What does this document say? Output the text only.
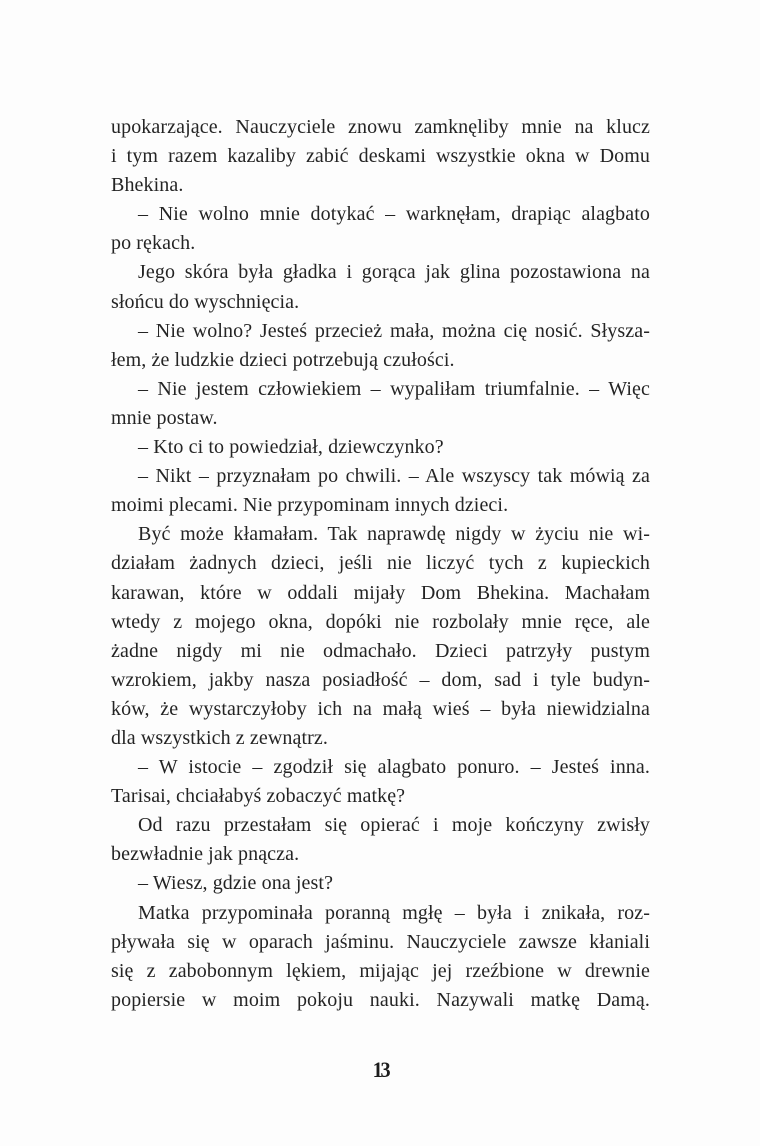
upokarzające. Nauczyciele znowu zamknęliby mnie na klucz
i tym razem kazaliby zabić deskami wszystkie okna w Domu
Bhekina.
– Nie wolno mnie dotykać – warknęłam, drapiąc alagbato
po rękach.
Jego skóra była gładka i gorąca jak glina pozostawiona na
słońcu do wyschnięcia.
– Nie wolno? Jesteś przecież mała, można cię nosić. Słysza-
łem, że ludzkie dzieci potrzebują czułości.
– Nie jestem człowiekiem – wypaliłam triumfalnie. – Więc
mnie postaw.
– Kto ci to powiedział, dziewczynko?
– Nikt – przyznałam po chwili. – Ale wszyscy tak mówią za
moimi plecami. Nie przypominam innych dzieci.
Być może kłamałam. Tak naprawdę nigdy w życiu nie wi-
działam żadnych dzieci, jeśli nie liczyć tych z kupieckich
karawan, które w oddali mijały Dom Bhekina. Machałam
wtedy z mojego okna, dopóki nie rozbolały mnie ręce, ale
żadne nigdy mi nie odmachało. Dzieci patrzyły pustym
wzrokiem, jakby nasza posiadłość – dom, sad i tyle budyn-
ków, że wystarczyłoby ich na małą wieś – była niewidzialna
dla wszystkich z zewnątrz.
– W istocie – zgodził się alagbato ponuro. – Jesteś inna.
Tarisai, chciałabyś zobaczyć matkę?
Od razu przestałam się opierać i moje kończyny zwisły
bezwładnie jak pnącza.
– Wiesz, gdzie ona jest?
Matka przypominała poranną mgłę – była i znikała, roz-
pływała się w oparach jaśminu. Nauczyciele zawsze kłaniali
się z zabobonnym lękiem, mijając jej rzeźbione w drewnie
popiersie w moim pokoju nauki. Nazywali matkę Damą.
13
